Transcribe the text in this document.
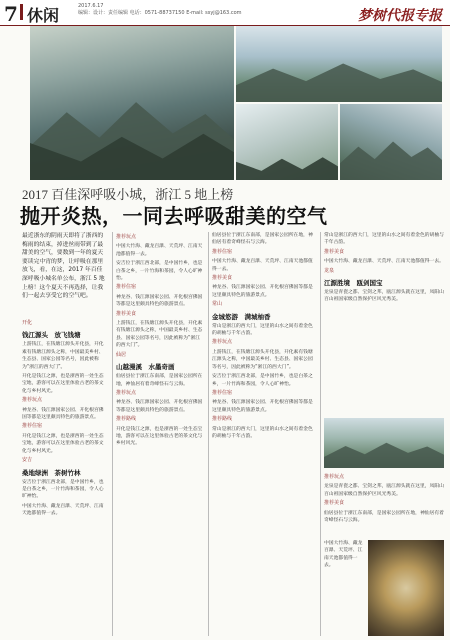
7 休闲	2017.6.17
编辑：设计：责任编辑 电话：0571-88737150 E-mail: ssyj@163.com	梦树代报专报
2017 百佳深呼吸小城，浙江 5 地上榜
抛开炎热，一同去呼吸甜美的空气
最近浙东的阴雨天即将了浙西的梅雨的结束，掉进丝雨带到了最甜美的空气，要数到一年的夏天要读完中宵的梦，让呼吸在那里放飞，看，在这，2017 年百佳深呼吸小城名单公布，浙江 5 地上榜！这个夏天不再选择，让我们一起去享受它的空气吧。
开化
钱江源头　放飞钱塘

上游钱江，在钱塘江源头开化县，开化素有钱塘江源头之称，中国最美乡村、生态县、国家公园等名号，因此被称为“浙江的西大门”。

开化是钱江之源，也是浙西的一处生态宝地，游客可以在这里体验古老的茶文化与乡村风光。

推荐玩点

神龙谷、钱江源国家公园、开化根宫佛国等都是这里颇具特色的旅游景点。

推荐住宿

开化是钱江之源，也是浙西的一处生态宝地，游客可以在这里体验古老的茶文化与乡村风光。

安吉
桑地绿洲　茶树竹林

安吉位于浙江西北部，是中国竹乡，也是白茶之乡，一片竹海和茶园，令人心旷神怡。

中国大竹海、藏龙百瀑、天荒坪、江南天池都值得一去。

推荐玩点

中国大竹海、藏龙百瀑、天荒坪、江南天池都值得一去。

安吉位于浙江西北部，是中国竹乡，也是白茶之乡，一片竹海和茶园，令人心旷神怡。

推荐住宿

神龙谷、钱江源国家公园、开化根宫佛国等都是这里颇具特色的旅游景点。

推荐美食

上游钱江，在钱塘江源头开化县，开化素有钱塘江源头之称，中国最美乡村、生态县、国家公园等名号，因此被称为“浙江的西大门”。

仙居
山越漫溪　水墨奇画

仙居县位于浙江东南部，是国家公园所在地，神仙居有着奇峰怪石与云海。

推荐玩点

神龙谷、钱江源国家公园、开化根宫佛国等都是这里颇具特色的旅游景点。

推荐路线

开化是钱江之源，也是浙西的一处生态宝地，游客可以在这里体验古老的茶文化与乡村风光。

仙居县位于浙江东南部，是国家公园所在地，神仙居有着奇峰怪石与云海。

推荐住宿

中国大竹海、藏龙百瀑、天荒坪、江南天池都值得一去。

推荐美食

神龙谷、钱江源国家公园、开化根宫佛国等都是这里颇具特色的旅游景点。

常山
金城悠游　满城柚香

常山是浙江的西大门，这里的山水之间有着金色的胡柚与千年古韵。

推荐玩点

上游钱江，在钱塘江源头开化县，开化素有钱塘江源头之称，中国最美乡村、生态县、国家公园等名号，因此被称为“浙江的西大门”。

安吉位于浙江西北部，是中国竹乡，也是白茶之乡，一片竹海和茶园，令人心旷神怡。

推荐住宿

神龙谷、钱江源国家公园、开化根宫佛国等都是这里颇具特色的旅游景点。

推荐路线

常山是浙江的西大门，这里的山水之间有着金色的胡柚与千年古韵。

常山是浙江的西大门，这里的山水之间有着金色的胡柚与千年古韵。

推荐美食

中国大竹海、藏龙百瀑、天荒坪、江南天池都值得一去。

龙泉
江源胜境　瓯剑国宝

龙泉是青瓷之都、宝剑之邦，瓯江源头就在这里，凤阳山百山祖国家级自然保护区风光秀美。

推荐玩点

龙泉是青瓷之都、宝剑之邦，瓯江源头就在这里，凤阳山百山祖国家级自然保护区风光秀美。

推荐美食

仙居县位于浙江东南部，是国家公园所在地，神仙居有着奇峰怪石与云海。

中国大竹海、藏龙百瀑、天荒坪、江南天池都值得一去。
